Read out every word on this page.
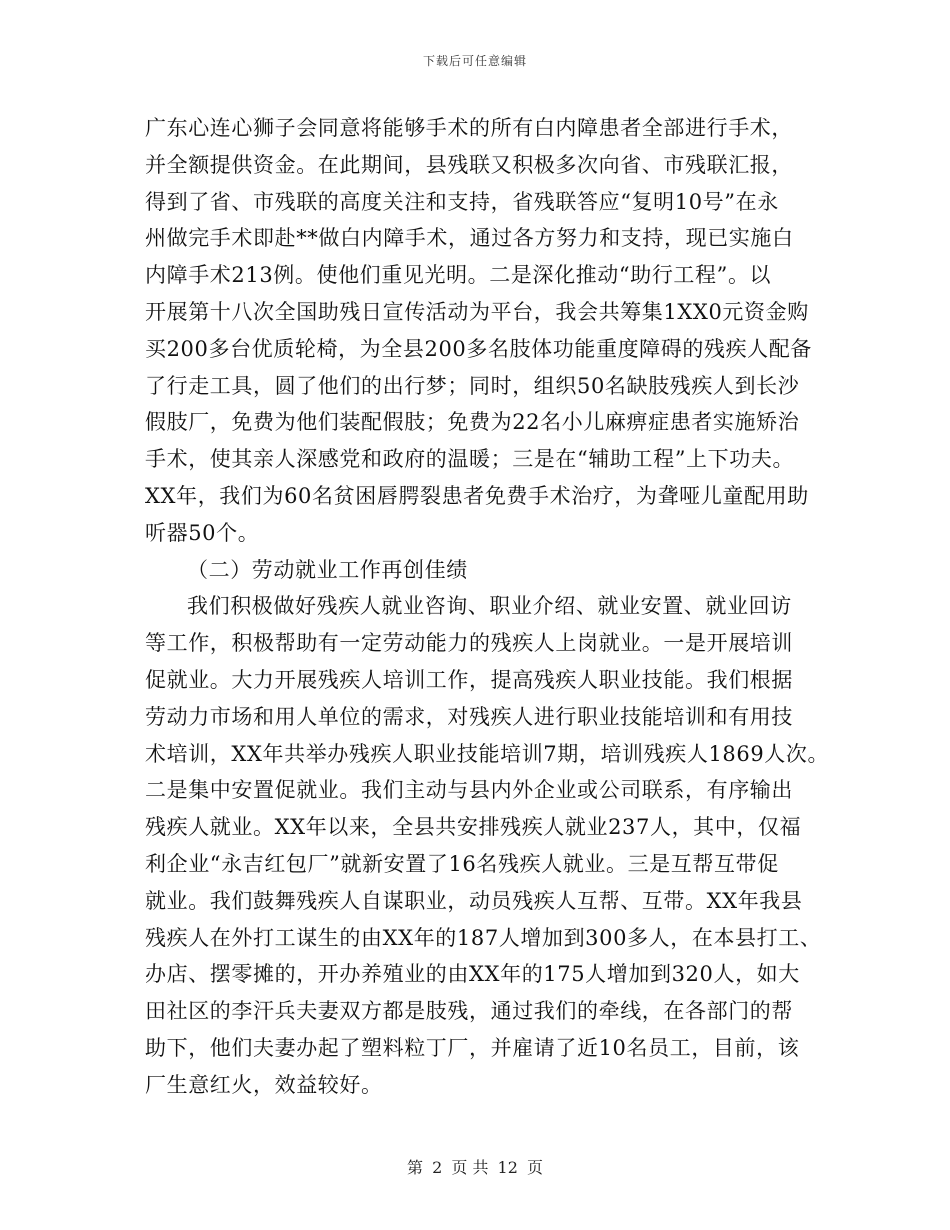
下载后可任意编辑
广东心连心狮子会同意将能够手术的所有白内障患者全部进行手术，
并全额提供资金。在此期间，县残联又积极多次向省、市残联汇报，
得到了省、市残联的高度关注和支持，省残联答应“复明10号”在永
州做完手术即赴**做白内障手术，通过各方努力和支持，现已实施白
内障手术213例。使他们重见光明。二是深化推动“助行工程”。以
开展第十八次全国助残日宣传活动为平台，我会共筹集1XX0元资金购
买200多台优质轮椅，为全县200多名肢体功能重度障碍的残疾人配备
了行走工具，圆了他们的出行梦；同时，组织50名缺肢残疾人到长沙
假肢厂，免费为他们装配假肢；免费为22名小儿麻痹症患者实施矫治
手术，使其亲人深感党和政府的温暖；三是在“辅助工程”上下功夫。
XX年，我们为60名贫困唇腭裂患者免费手术治疗，为聋哑儿童配用助
听器50个。
（二）劳动就业工作再创佳绩
我们积极做好残疾人就业咨询、职业介绍、就业安置、就业回访
等工作，积极帮助有一定劳动能力的残疾人上岗就业。一是开展培训
促就业。大力开展残疾人培训工作，提高残疾人职业技能。我们根据
劳动力市场和用人单位的需求，对残疾人进行职业技能培训和有用技
术培训，XX年共举办残疾人职业技能培训7期，培训残疾人1869人次。
二是集中安置促就业。我们主动与县内外企业或公司联系，有序输出
残疾人就业。XX年以来，全县共安排残疾人就业237人，其中，仅福
利企业“永吉红包厂”就新安置了16名残疾人就业。三是互帮互带促
就业。我们鼓舞残疾人自谋职业，动员残疾人互帮、互带。XX年我县
残疾人在外打工谋生的由XX年的187人增加到300多人，在本县打工、
办店、摆零摊的，开办养殖业的由XX年的175人增加到320人，如大
田社区的李汗兵夫妻双方都是肢残，通过我们的牵线，在各部门的帮
助下，他们夫妻办起了塑料粒丁厂，并雇请了近10名员工，目前，该
厂生意红火，效益较好。
第 2 页 共 12 页
